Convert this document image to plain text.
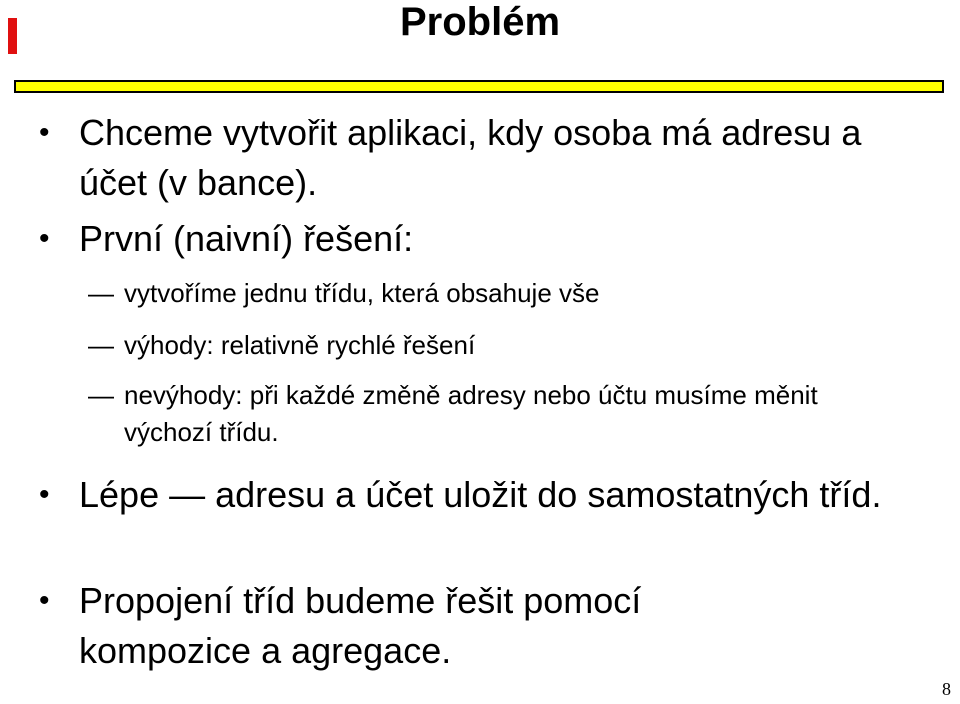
Problém
• Chceme vytvořit aplikaci, kdy osoba má adresu a účet (v bance).
• První (naivní) řešení:
— vytvoříme jednu třídu, která obsahuje vše
— výhody: relativně rychlé řešení
— nevýhody: při každé změně adresy nebo účtu musíme měnit výchozí třídu.
• Lépe — adresu a účet uložit do samostatných tříd.
• Propojení tříd budeme řešit pomocí kompozice a agregace.
8
